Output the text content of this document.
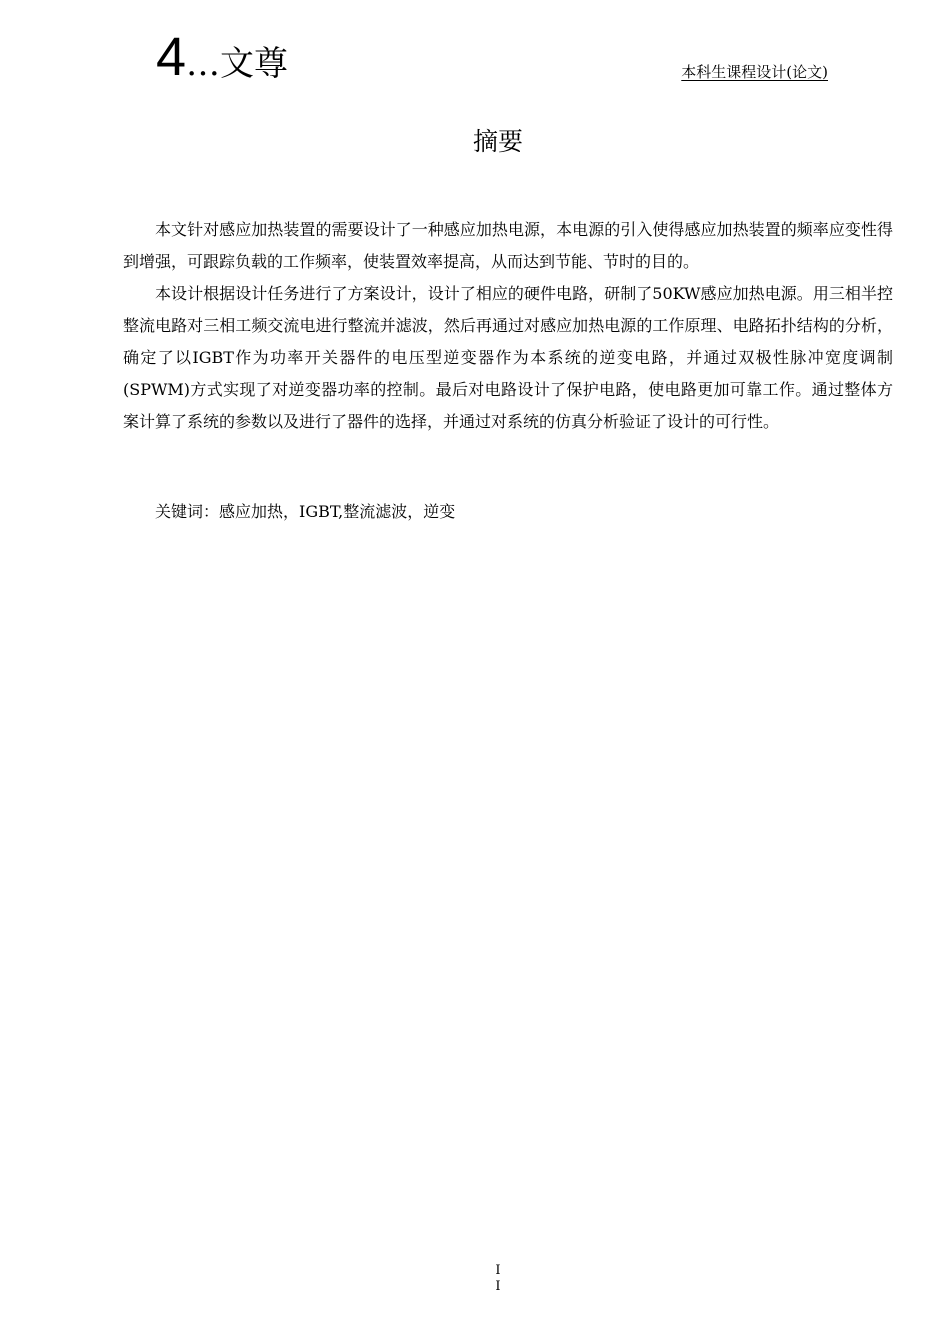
4…文尊	本科生课程设计(论文)
摘要

本文针对感应加热装置的需要设计了一种感应加热电源，本电源的引入使得感应加热装置的频率应变性得到增强，可跟踪负载的工作频率，使装置效率提高，从而达到节能、节时的目的。

本设计根据设计任务进行了方案设计，设计了相应的硬件电路，研制了50KW感应加热电源。用三相半控整流电路对三相工频交流电进行整流并滤波，然后再通过对感应加热电源的工作原理、电路拓扑结构的分析，确定了以IGBT作为功率开关器件的电压型逆变器作为本系统的逆变电路，并通过双极性脉冲宽度调制(SPWM)方式实现了对逆变器功率的控制。最后对电路设计了保护电路，使电路更加可靠工作。通过整体方案计算了系统的参数以及进行了器件的选择，并通过对系统的仿真分析验证了设计的可行性。

关键词：感应加热，IGBT,整流滤波，逆变
I
I
